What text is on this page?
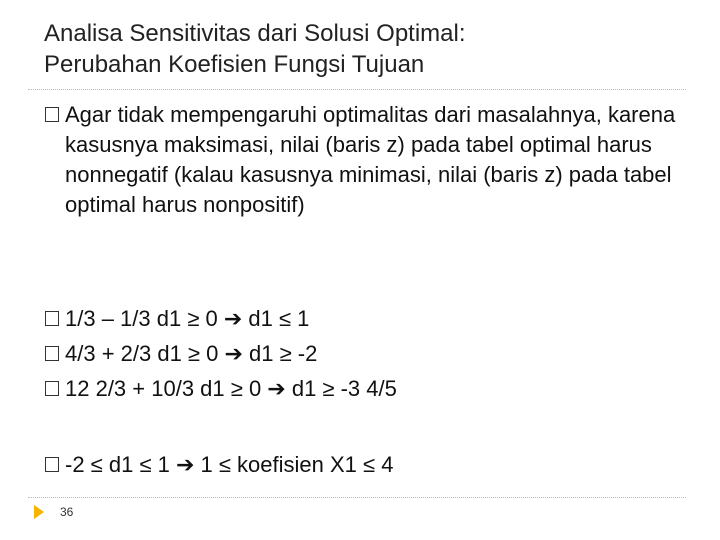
Analisa Sensitivitas dari Solusi Optimal:
Perubahan Koefisien Fungsi Tujuan
Agar tidak mempengaruhi optimalitas dari masalahnya, karena kasusnya maksimasi, nilai (baris z) pada tabel optimal harus nonnegatif (kalau kasusnya minimasi, nilai (baris z) pada tabel optimal harus nonpositif)
1/3 – 1/3 d1 ≥ 0 ➔ d1 ≤ 1
4/3 + 2/3 d1 ≥ 0 ➔ d1 ≥ -2
12 2/3 + 10/3 d1 ≥ 0 ➔ d1 ≥ -3 4/5
-2 ≤ d1 ≤ 1 ➔ 1 ≤ koefisien X1 ≤ 4
36
